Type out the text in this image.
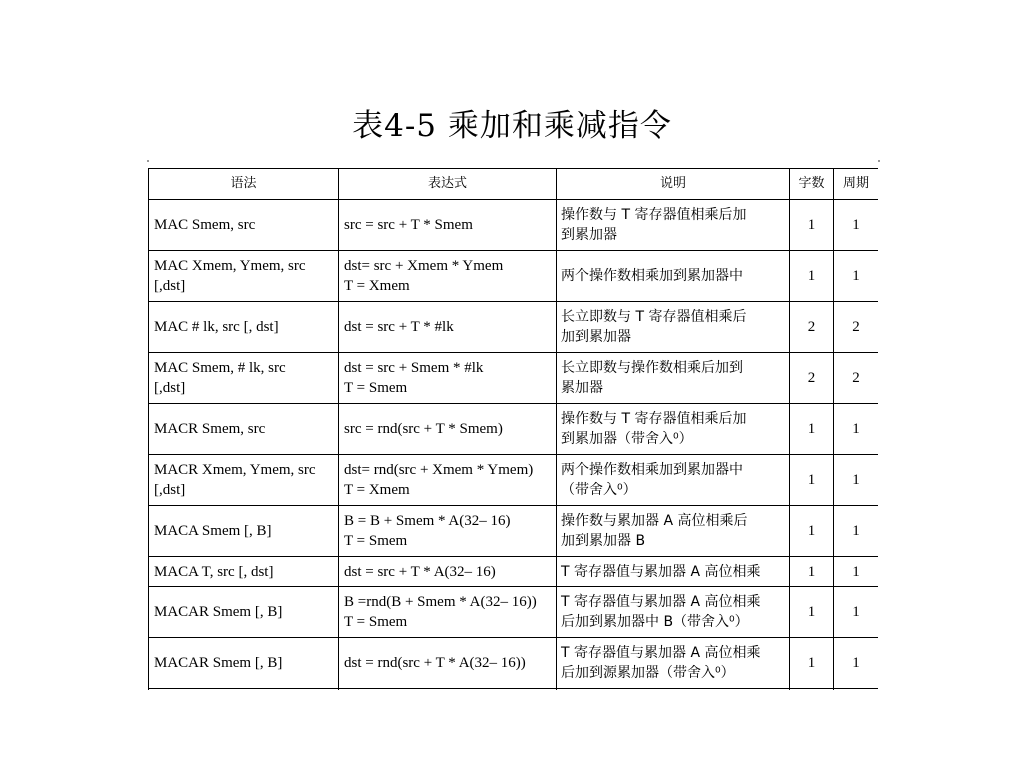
表4-5 乘加和乘减指令
语法	表达式	说明	字数	周期

MAC Smem, src	src = src + T * Smem	操作数与 T 寄存器值相乘后加
到累加器	1	1

MAC Xmem, Ymem, src
[,dst]	dst= src + Xmem * Ymem
T = Xmem	两个操作数相乘加到累加器中	1	1

MAC # lk, src [, dst]	dst = src + T * #lk	长立即数与 T 寄存器值相乘后
加到累加器	2	2

MAC Smem, # lk, src
[,dst]	dst = src + Smem * #lk
T = Smem	长立即数与操作数相乘后加到
累加器	2	2

MACR Smem, src	src = rnd(src + T * Smem)	操作数与 T 寄存器值相乘后加
到累加器（带舍入⁰）	1	1

MACR Xmem, Ymem, src
[,dst]	dst= rnd(src + Xmem * Ymem)
T = Xmem	两个操作数相乘加到累加器中
（带舍入⁰）	1	1

MACA Smem [, B]	B = B + Smem * A(32– 16)
T = Smem	操作数与累加器 A 高位相乘后
加到累加器 B	1	1

MACA T, src [, dst]	dst = src + T * A(32– 16)	T 寄存器值与累加器 A 高位相乘	1	1

MACAR Smem [, B]	B =rnd(B + Smem * A(32– 16))
T = Smem	T 寄存器值与累加器 A 高位相乘
后加到累加器中 B（带舍入⁰）	1	1

MACAR Smem [, B]	dst = rnd(src + T * A(32– 16))	T 寄存器值与累加器 A 高位相乘
后加到源累加器（带舍入⁰）	1	1
